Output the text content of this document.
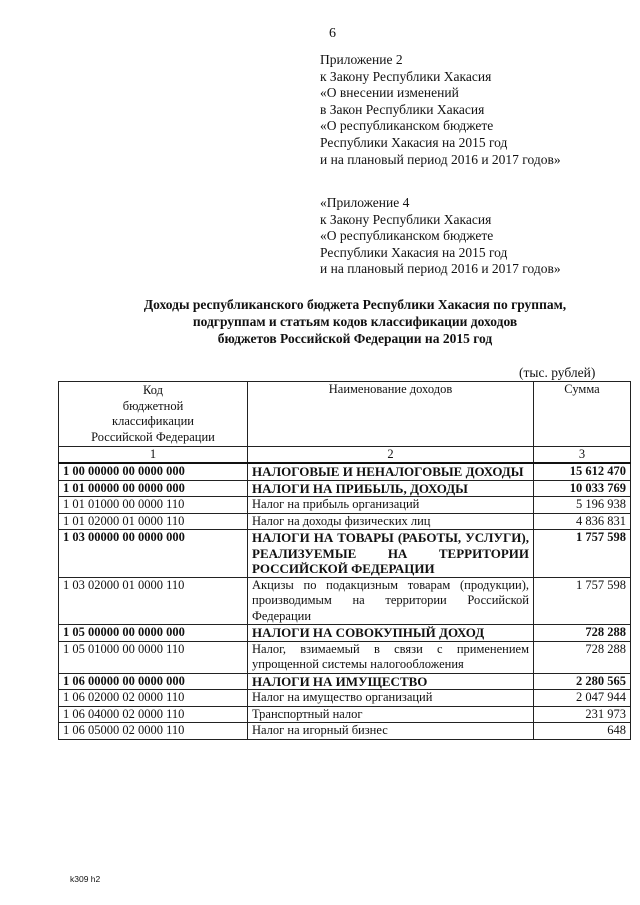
6
Приложение 2
к Закону Республики Хакасия
«О внесении изменений
в Закон Республики Хакасия
«О республиканском бюджете
Республики Хакасия на 2015 год
и на плановый период 2016 и 2017 годов»
«Приложение 4
к Закону Республики Хакасия
«О республиканском бюджете
Республики Хакасия на 2015 год
и на плановый период 2016 и 2017 годов»
Доходы республиканского бюджета Республики Хакасия по группам,
подгруппам и статьям кодов классификации доходов
бюджетов Российской Федерации на 2015 год
(тыс. рублей)
Код
бюджетной
классификации
Российской Федерации	Наименование доходов	Сумма
1	2	3
1 00 00000 00 0000 000	НАЛОГОВЫЕ И НЕНАЛОГОВЫЕ ДОХОДЫ	15 612 470
1 01 00000 00 0000 000	НАЛОГИ НА ПРИБЫЛЬ, ДОХОДЫ	10 033 769
1 01 01000 00 0000 110	Налог на прибыль организаций	5 196 938
1 01 02000 01 0000 110	Налог на доходы физических лиц	4 836 831
1 03 00000 00 0000 000	НАЛОГИ НА ТОВАРЫ (РАБОТЫ, УСЛУГИ), РЕАЛИЗУЕМЫЕ НА ТЕРРИТОРИИ РОССИЙСКОЙ ФЕДЕРАЦИИ	1 757 598
1 03 02000 01 0000 110	Акцизы по подакцизным товарам (продукции), производимым на территории Российской Федерации	1 757 598
1 05 00000 00 0000 000	НАЛОГИ НА СОВОКУПНЫЙ ДОХОД	728 288
1 05 01000 00 0000 110	Налог, взимаемый в связи с применением упрощенной системы налогообложения	728 288
1 06 00000 00 0000 000	НАЛОГИ НА ИМУЩЕСТВО	2 280 565
1 06 02000 02 0000 110	Налог на имущество организаций	2 047 944
1 06 04000 02 0000 110	Транспортный налог	231 973
1 06 05000 02 0000 110	Налог на игорный бизнес	648
k309 h2
